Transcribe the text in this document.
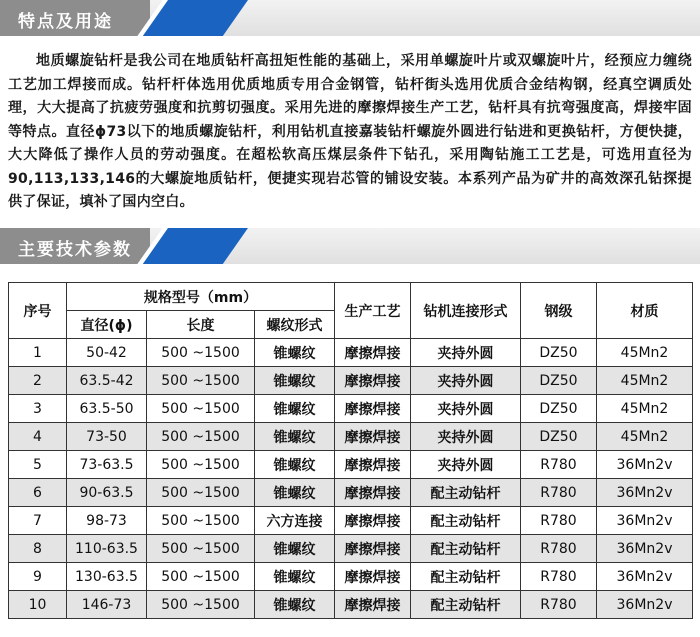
特点及用途
地质螺旋钻杆是我公司在地质钻杆高扭矩性能的基础上，采用单螺旋叶片或双螺旋叶片，经预应力缠绕工艺加工焊接而成。钻杆杆体选用优质地质专用合金钢管，钻杆街头选用优质合金结构钢，经真空调质处理，大大提高了抗疲劳强度和抗剪切强度。采用先进的摩擦焊接生产工艺，钻杆具有抗弯强度高，焊接牢固等特点。直径ϕ73以下的地质螺旋钻杆，利用钻机直接嘉装钻杆螺旋外圆进行钻进和更换钻杆，方便快捷，大大降低了操作人员的劳动强度。在超松软高压煤层条件下钻孔，采用陶钻施工工艺是，可选用直径为90,113,133,146的大螺旋地质钻杆，便捷实现岩芯管的铺设安装。本系列产品为矿井的高效深孔钻探提供了保证，填补了国内空白。
主要技术参数
序号	规格型号（mm）			生产工艺	钻机连接形式	钢级	材质
	直径(ϕ)	长度	螺纹形式				
1	50-42	500 ~1500	锥螺纹	摩擦焊接	夹持外圆	DZ50	45Mn2
2	63.5-42	500 ~1500	锥螺纹	摩擦焊接	夹持外圆	DZ50	45Mn2
3	63.5-50	500 ~1500	锥螺纹	摩擦焊接	夹持外圆	DZ50	45Mn2
4	73-50	500 ~1500	锥螺纹	摩擦焊接	夹持外圆	DZ50	45Mn2
5	73-63.5	500 ~1500	锥螺纹	摩擦焊接	夹持外圆	R780	36Mn2v
6	90-63.5	500 ~1500	锥螺纹	摩擦焊接	配主动钻杆	R780	36Mn2v
7	98-73	500 ~1500	六方连接	摩擦焊接	配主动钻杆	R780	36Mn2v
8	110-63.5	500 ~1500	锥螺纹	摩擦焊接	配主动钻杆	R780	36Mn2v
9	130-63.5	500 ~1500	锥螺纹	摩擦焊接	配主动钻杆	R780	36Mn2v
10	146-73	500 ~1500	锥螺纹	摩擦焊接	配主动钻杆	R780	36Mn2v
